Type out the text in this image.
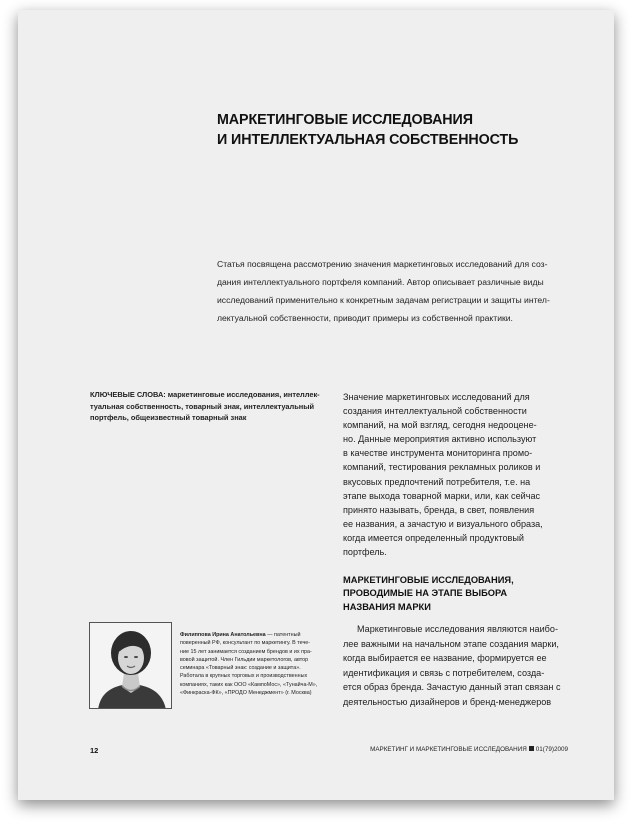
МАРКЕТИНГОВЫЕ ИССЛЕДОВАНИЯ
И ИНТЕЛЛЕКТУАЛЬНАЯ СОБСТВЕННОСТЬ
Статья посвящена рассмотрению значения маркетинговых исследований для соз-
дания интеллектуального портфеля компаний. Автор описывает различные виды
исследований применительно к конкретным задачам регистрации и защиты интел-
лектуальной собственности, приводит примеры из собственной практики.
КЛЮЧЕВЫЕ СЛОВА: маркетинговые исследования, интеллек-
туальная собственность, товарный знак, интеллектуальный
портфель, общеизвестный товарный знак
Значение маркетинговых исследований для
создания интеллектуальной собственности
компаний, на мой взгляд, сегодня недооцене-
но. Данные мероприятия активно используют
в качестве инструмента мониторинга промо-
компаний, тестирования рекламных роликов и
вкусовых предпочтений потребителя, т.е. на
этапе выхода товарной марки, или, как сейчас
принято называть, бренда, в свет, появления
ее названия, а зачастую и визуального образа,
когда имеется определенный продуктовый
портфель.
МАРКЕТИНГОВЫЕ ИССЛЕДОВАНИЯ,
ПРОВОДИМЫЕ НА ЭТАПЕ ВЫБОРА
НАЗВАНИЯ МАРКИ
Маркетинговые исследования являются наибо-
лее важными на начальном этапе создания марки,
когда выбирается ее название, формируется ее
идентификация и связь с потребителем, созда-
ется образ бренда. Зачастую данный этап связан с
деятельностью дизайнеров и бренд-менеджеров
Филиппова Ирина Анатольевна — патентный
поверенный РФ, консультант по маркетингу. В тече-
ние 15 лет занимается созданием брендов и их пра-
вовой защитой. Член Гильдии маркетологов, автор
семинара «Товарный знак: создание и защита».
Работала в крупных торговых и производственных
компаниях, таких как ООО «КампоМос», «Тунайча-М»,
«Финкраска-ФК», «ПРОДО Менеджмент» (г. Москва)
12	МАРКЕТИНГ И МАРКЕТИНГОВЫЕ ИССЛЕДОВАНИЯ 01(79)2009
